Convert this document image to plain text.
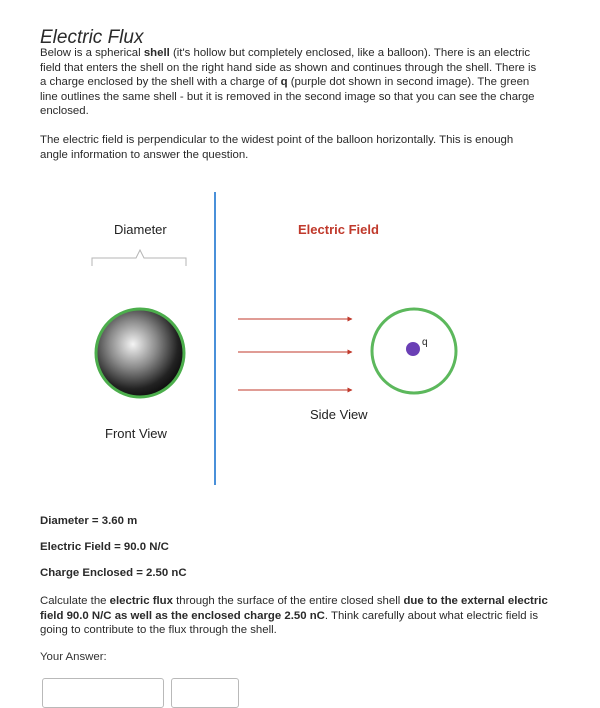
Electric Flux
Below is a spherical shell (it's hollow but completely enclosed, like a balloon). There is an electric field that enters the shell on the right hand side as shown and continues through the shell. There is a charge enclosed by the shell with a charge of q (purple dot shown in second image). The green line outlines the same shell - but it is removed in the second image so that you can see the charge enclosed.
The electric field is perpendicular to the widest point of the balloon horizontally. This is enough angle information to answer the question.
q
Diameter	Electric Field
Front View
Side View
Diameter = 3.60 m
Electric Field = 90.0 N/C
Charge Enclosed = 2.50 nC
Calculate the electric flux through the surface of the entire closed shell due to the external electric field 90.0 N/C as well as the enclosed charge 2.50 nC. Think carefully about what electric field is going to contribute to the flux through the shell.
Your Answer:
